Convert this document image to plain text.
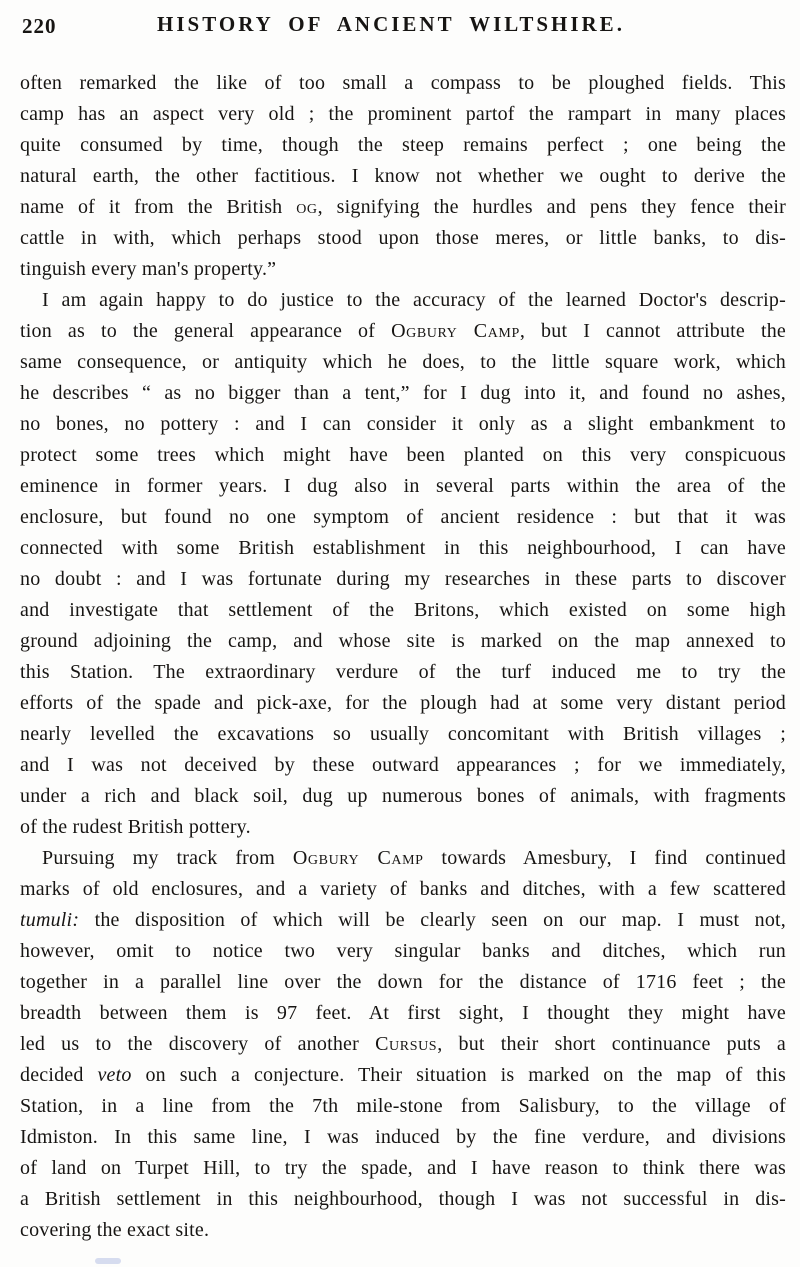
220	HISTORY OF ANCIENT WILTSHIRE.
often remarked the like of too small a compass to be ploughed fields. This
camp has an aspect very old ; the prominent partof the rampart in many places
quite consumed by time, though the steep remains perfect ; one being the
natural earth, the other factitious. I know not whether we ought to derive the
name of it from the British og, signifying the hurdles and pens they fence their
cattle in with, which perhaps stood upon those meres, or little banks, to dis-
tinguish every man's property.”
I am again happy to do justice to the accuracy of the learned Doctor's descrip-
tion as to the general appearance of Ogbury Camp, but I cannot attribute the
same consequence, or antiquity which he does, to the little square work, which
he describes “ as no bigger than a tent,” for I dug into it, and found no ashes,
no bones, no pottery : and I can consider it only as a slight embankment to
protect some trees which might have been planted on this very conspicuous
eminence in former years. I dug also in several parts within the area of the
enclosure, but found no one symptom of ancient residence : but that it was
connected with some British establishment in this neighbourhood, I can have
no doubt : and I was fortunate during my researches in these parts to discover
and investigate that settlement of the Britons, which existed on some high
ground adjoining the camp, and whose site is marked on the map annexed to
this Station. The extraordinary verdure of the turf induced me to try the
efforts of the spade and pick-axe, for the plough had at some very distant period
nearly levelled the excavations so usually concomitant with British villages ;
and I was not deceived by these outward appearances ; for we immediately,
under a rich and black soil, dug up numerous bones of animals, with fragments
of the rudest British pottery.
Pursuing my track from Ogbury Camp towards Amesbury, I find continued
marks of old enclosures, and a variety of banks and ditches, with a few scattered
tumuli: the disposition of which will be clearly seen on our map. I must not,
however, omit to notice two very singular banks and ditches, which run
together in a parallel line over the down for the distance of 1716 feet ; the
breadth between them is 97 feet. At first sight, I thought they might have
led us to the discovery of another Cursus, but their short continuance puts a
decided veto on such a conjecture. Their situation is marked on the map of this
Station, in a line from the 7th mile-stone from Salisbury, to the village of
Idmiston. In this same line, I was induced by the fine verdure, and divisions
of land on Turpet Hill, to try the spade, and I have reason to think there was
a British settlement in this neighbourhood, though I was not successful in dis-
covering the exact site.
